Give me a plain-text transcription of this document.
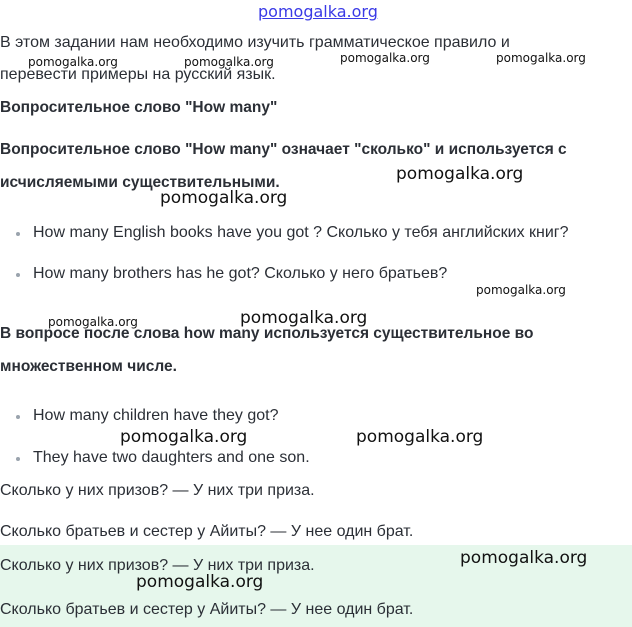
pomogalka.org
В этом задании нам необходимо изучить грамматическое правило и
перевести примеры на русский язык.
Вопросительное слово "How many"
Вопросительное слово "How many" означает "сколько" и используется с
исчисляемыми существительными.
How many English books have you got ? Сколько у тебя английских книг?
How many brothers has he got? Сколько у него братьев?
В вопросе после слова how many используется существительное во
множественном числе.
How many children have they got?
They have two daughters and one son.
Сколько у них призов? — У них три приза.
Сколько братьев и сестер у Айиты? — У нее один брат.
Сколько у них призов? — У них три приза.
Сколько братьев и сестер у Айиты? — У нее один брат.
pomogalka.org	pomogalka.org	pomogalka.org	pomogalka.org
pomogalka.org
pomogalka.org
pomogalka.org
pomogalka.org	pomogalka.org
pomogalka.org	pomogalka.org
pomogalka.org
pomogalka.org
